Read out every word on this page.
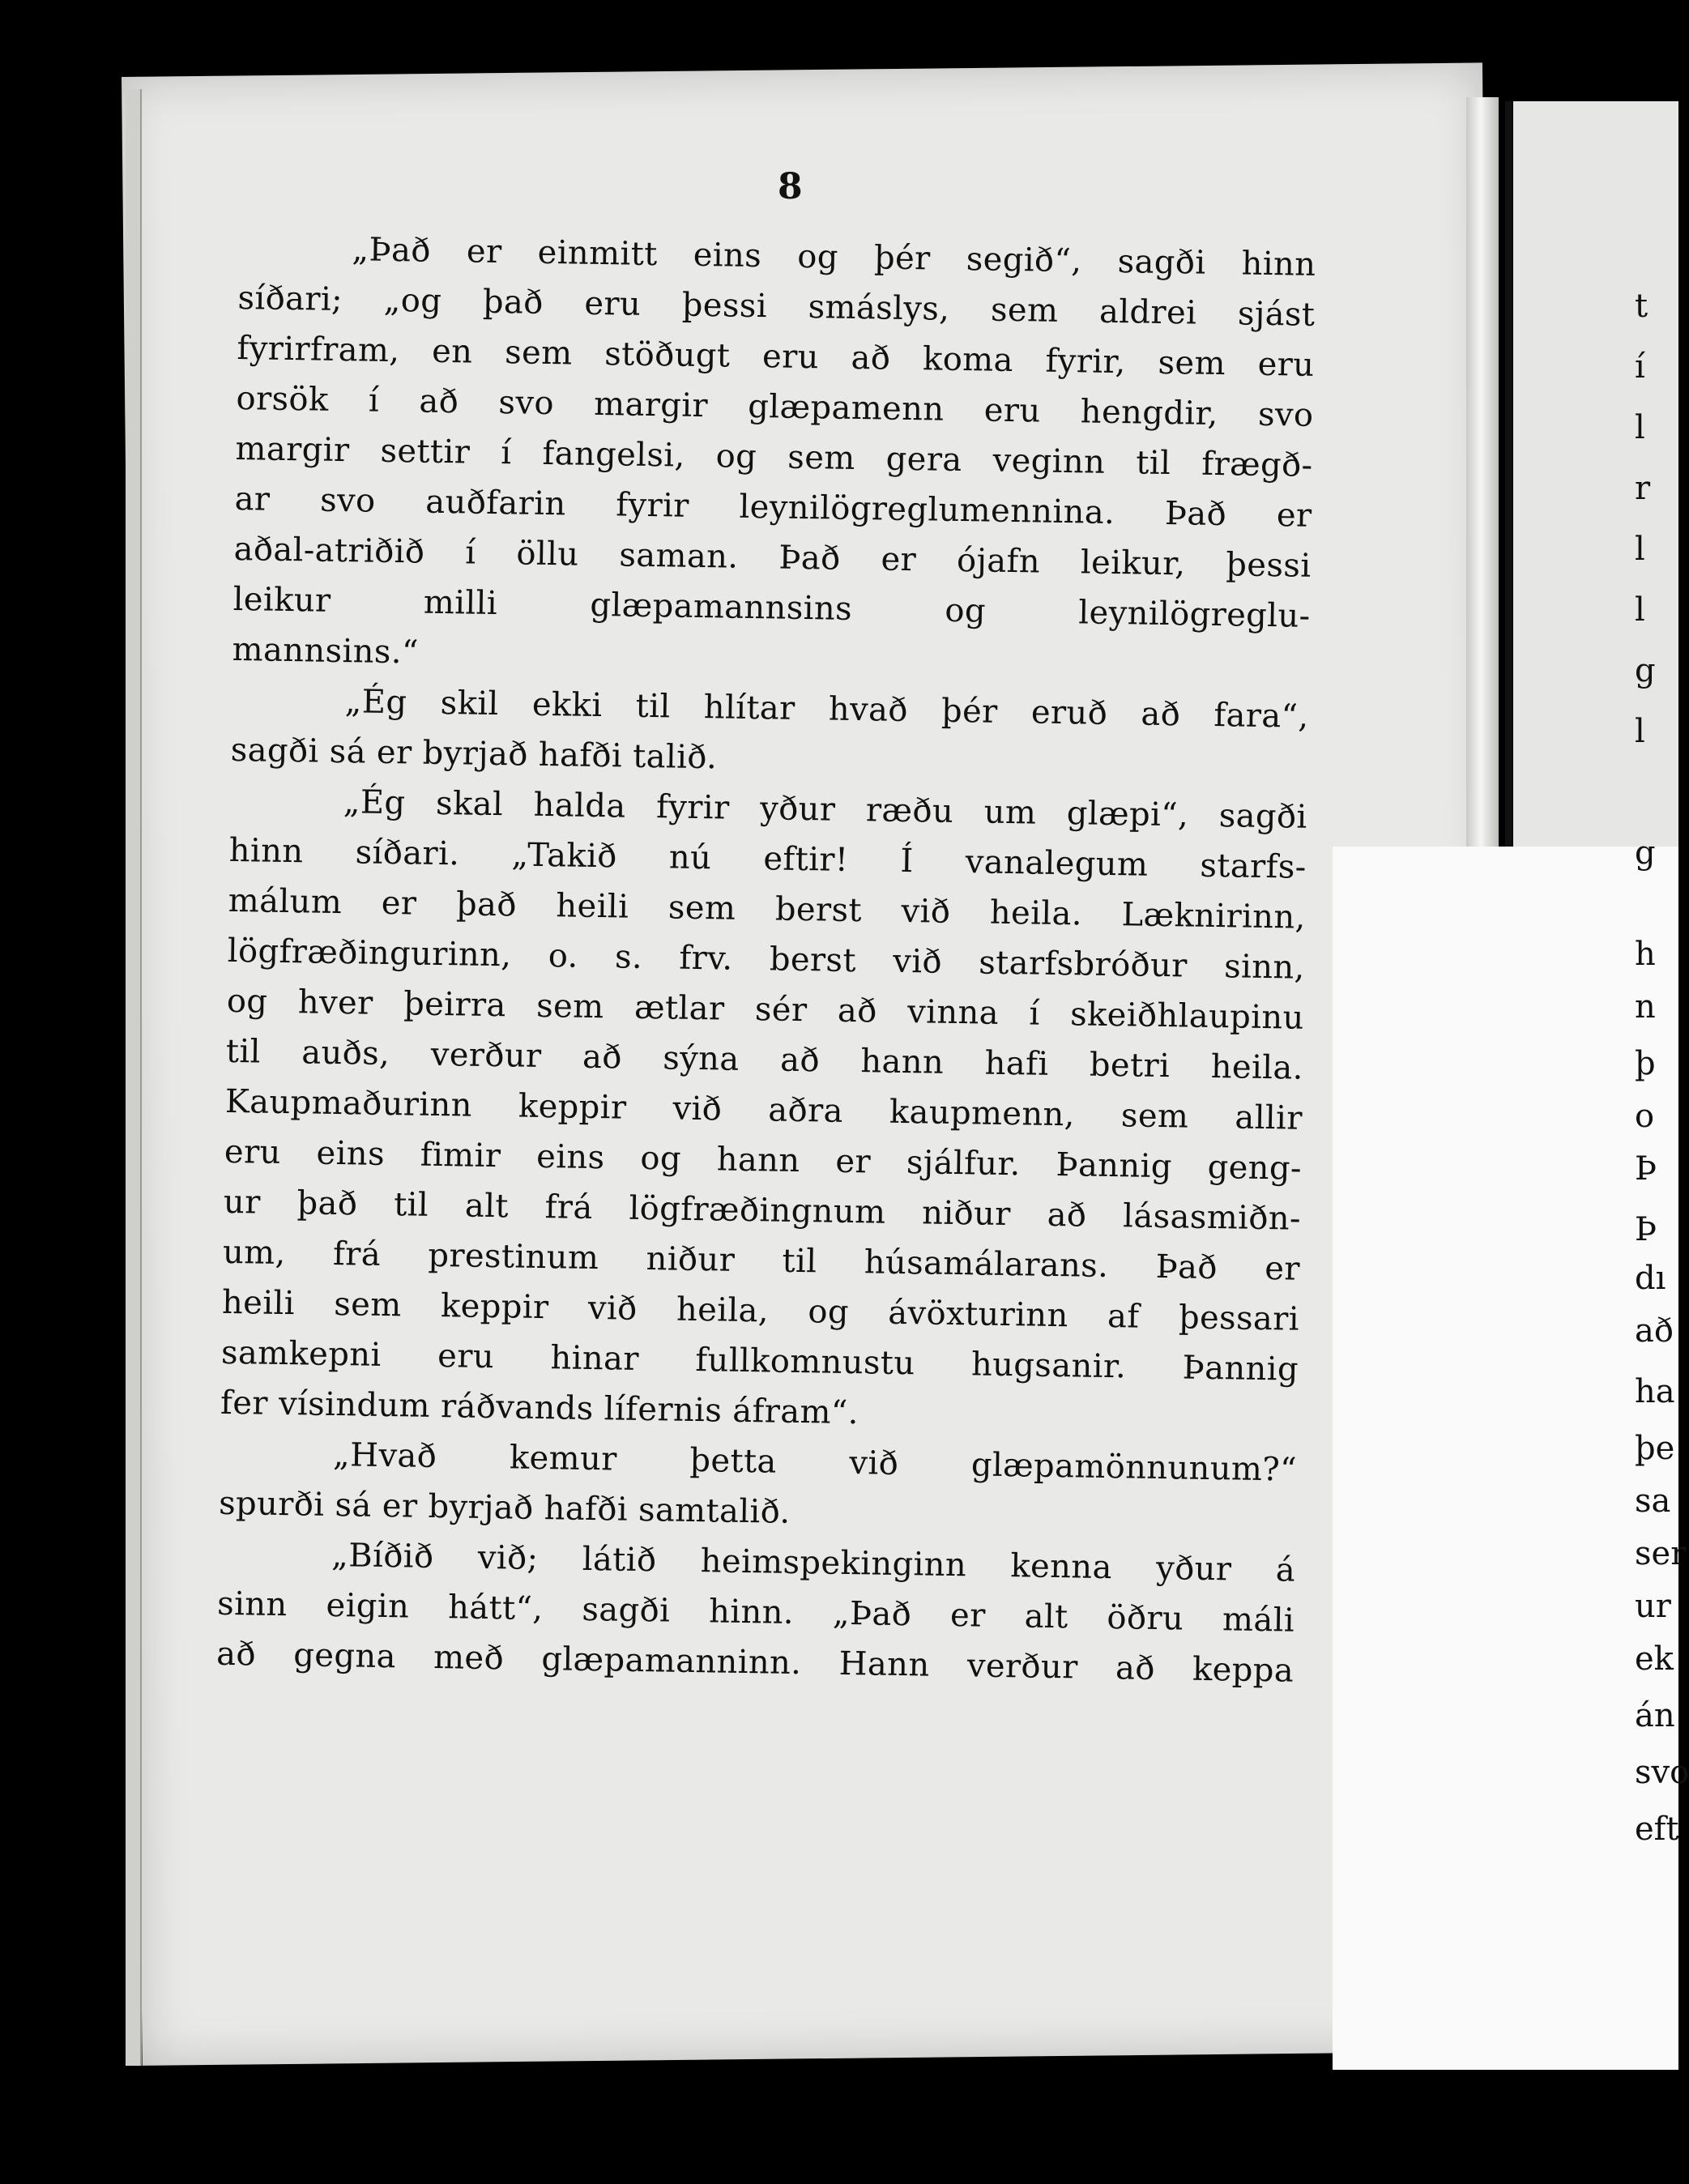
8
„Það er einmitt eins og þér segið“, sagði hinn
síðari; „og það eru þessi smáslys, sem aldrei sjást
fyrirfram, en sem stöðugt eru að koma fyrir, sem eru
orsök í að svo margir glæpamenn eru hengdir, svo
margir settir í fangelsi, og sem gera veginn til frægð-
ar svo auðfarin fyrir leynilögreglumennina. Það er
aðal-atriðið í öllu saman. Það er ójafn leikur, þessi
leikur milli glæpamannsins og leynilögreglu-
mannsins.“
„Ég skil ekki til hlítar hvað þér eruð að fara“,
sagði sá er byrjað hafði talið.
„Ég skal halda fyrir yður ræðu um glæpi“, sagði
hinn síðari. „Takið nú eftir! Í vanalegum starfs-
málum er það heili sem berst við heila. Læknirinn,
lögfræðingurinn, o. s. frv. berst við starfsbróður sinn,
og hver þeirra sem ætlar sér að vinna í skeiðhlaupinu
til auðs, verður að sýna að hann hafi betri heila.
Kaupmaðurinn keppir við aðra kaupmenn, sem allir
eru eins fimir eins og hann er sjálfur. Þannig geng-
ur það til alt frá lögfræðingnum niður að lásasmiðn-
um, frá prestinum niður til húsamálarans. Það er
heili sem keppir við heila, og ávöxturinn af þessari
samkepni eru hinar fullkomnustu hugsanir. Þannig
fer vísindum ráðvands lífernis áfram“.
„Hvað kemur þetta við glæpamönnunum?“
spurði sá er byrjað hafði samtalið.
„Bíðið við; látið heimspekinginn kenna yður á
sinn eigin hátt“, sagði hinn. „Það er alt öðru máli
að gegna með glæpamanninn. Hann verður að keppa
t
í
l
r
l
l
g
l
g
h
n
þ
o
Þ
Þ
dı
að
ha
þe
sa
ser
ur
ek
án
svo
eft
